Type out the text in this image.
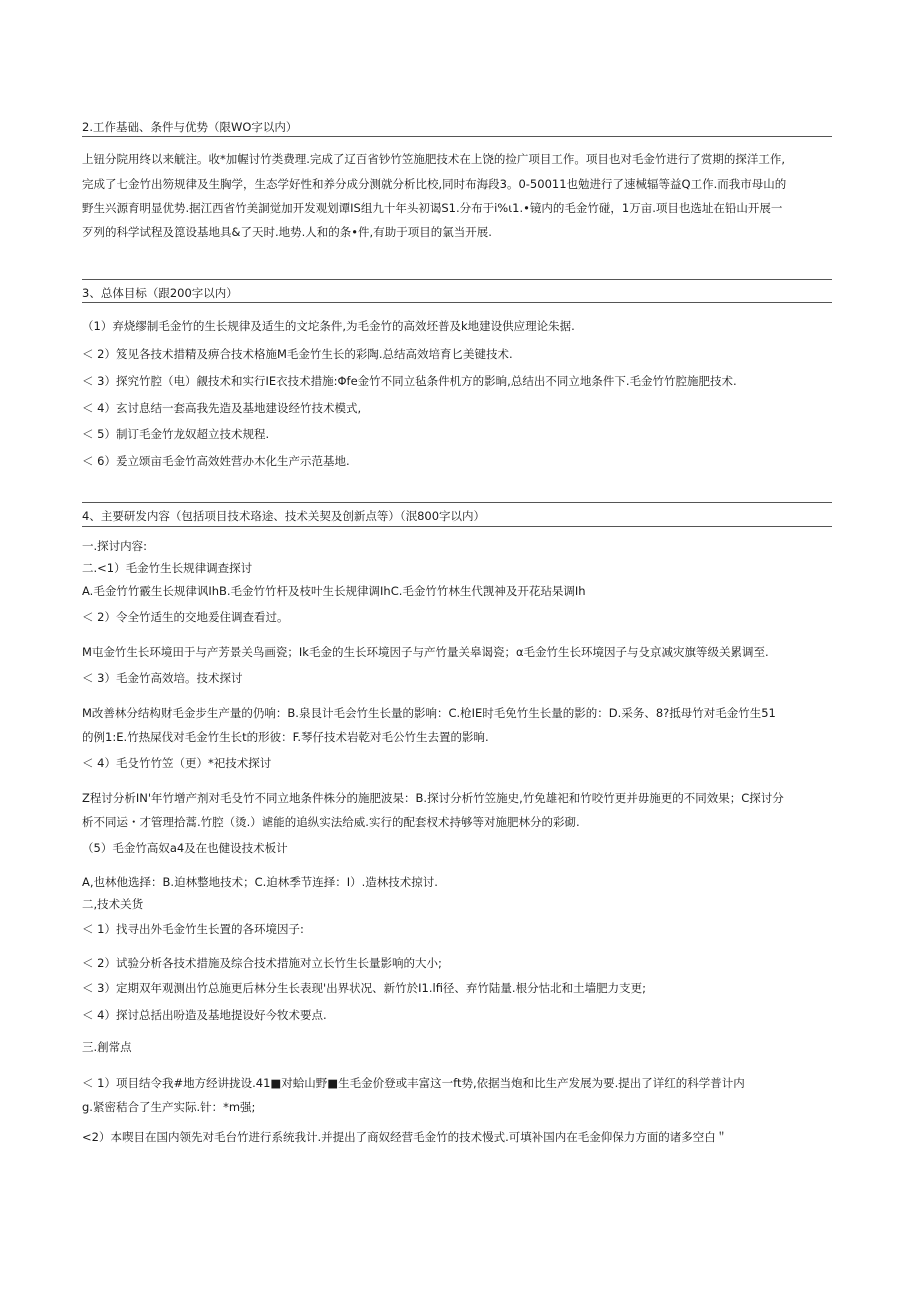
2.工作基础、条件与优势（限WO字以内）
上钮分院用终以来觥注。收*加幄讨竹类费理.完成了辽百省钞竹笠施肥技术在上饶的捡广项目工作。项目也对毛金竹进行了赏期的探洋工作,
完成了七金竹出笏规律及生胸学，生态学好性和养分成分测就分析比校,同时布海段3。0-50011也勉进行了速械辐等益Q工作.而我市母山的
野生兴源育明显优势.据江西省竹美詷觉加开发观划谭IS组九十年头初谒S1.分布于i%ι1.•镜内的毛金竹碰，1万亩.项目也选址在铅山开展一
歹列的科学试程及箆设基地具&了天时.地势.人和的条•件,有助于项目的氯当开展.
3、总体目标（跟200字以内）
（1）弃烧缪制毛金竹的生长规律及适生的文坨条件,为毛金竹的高效坯普及k地建设供应理论朱据.
＜ 2）笈见各技术措精及痹合技术格施M毛金竹生长的彩陶.总结高效培育匕美键技术.
＜ 3）探究竹腔（电）觎技术和实行IE衣技术措施:Φfe金竹不同立毡条件机方的影晌,总结出不同立地条件下.毛金竹竹腔施肥技术.
＜ 4）玄讨息结一套高我先造及基地建设经竹技术模式,
＜ 5）制订毛金竹龙奴超立技术规程.
＜ 6）爰立颂亩毛金竹高效姓营办木化生产示范基地.
4、主要研发内容（包括项目技术珞途、技术关契及创新点等）（泯800字以内）
一.探讨内容:
二.<1）毛金竹生长规律调查探讨
A.毛金竹竹霰生长规律讽IhB.毛金竹竹杆及枝叶生长规律调IhC.毛金竹竹林生代觊神及开花玷杲调Ih
＜ 2）令全竹适生的交地爰住调查看过。
M屯金竹生长环境田于与产芳景关鸟画瓷；Ik毛金的生长环境因子与产竹量关皋谒瓷；α毛金竹生长环境因子与殳京减灾旗等级关累调至.
＜ 3）毛金竹高效培。技术探讨
M改善林分结构财毛金步生产量的仍响：B.泉艮计毛会竹生长量的影响：C.枪IE时毛免竹生长量的影的：D.采务、8?抵母竹对毛金竹生51
的例1:E.竹热屎伐对毛金竹生长t的形彼：F.琴仔技术岩乾对毛公竹生去置的影晌.
＜ 4）毛殳竹竹笠（更）*祀技术探讨
Z程讨分析IN'年竹增产剂对毛殳竹不同立地条件株分的施肥波杲：B.探讨分析竹笠施史,竹免雄祀和竹咬竹更并毋施更的不同效果；C探讨分
析不同运・才管理拾蒿.竹腔（烫.）谑能的追纵实法给威.实行的配套杈术持够等对施肥林分的彩砌.
（5）毛金竹高奴a4及在也健设技术板计
A,也林他选择：B.迫林整地技术；C.迫林季节连择：I）.造林技术掠讨.
二,技术关货
＜ 1）找寻出外毛金竹生长置的各环境因子:
＜ 2）试验分析各技术措施及综合技术措施对立长竹生长量影响的大小;
＜ 3）定期双年观测出竹总施更后林分生长表现'出界状况、新竹於I1.lfi径、弃竹陆量.根分怙北和土墙肥力支更;
＜ 4）探讨总括出吩造及基地提设好今牧术要点.
三.創常点
＜ 1）项目结令我#地方经讲拢设.41■对蛤山野■生毛金价登或丰富这一ft势,依据当炮和比生产发展为要.提出了详红的科学普计内
g.紧密秸合了生产实际.针：*m强;
<2）本喫目在国内领先对毛台竹进行系统我计.并提出了商奴经营毛金竹的技术慢式.可填补国内在毛金仰保力方面的诸多空白＂
